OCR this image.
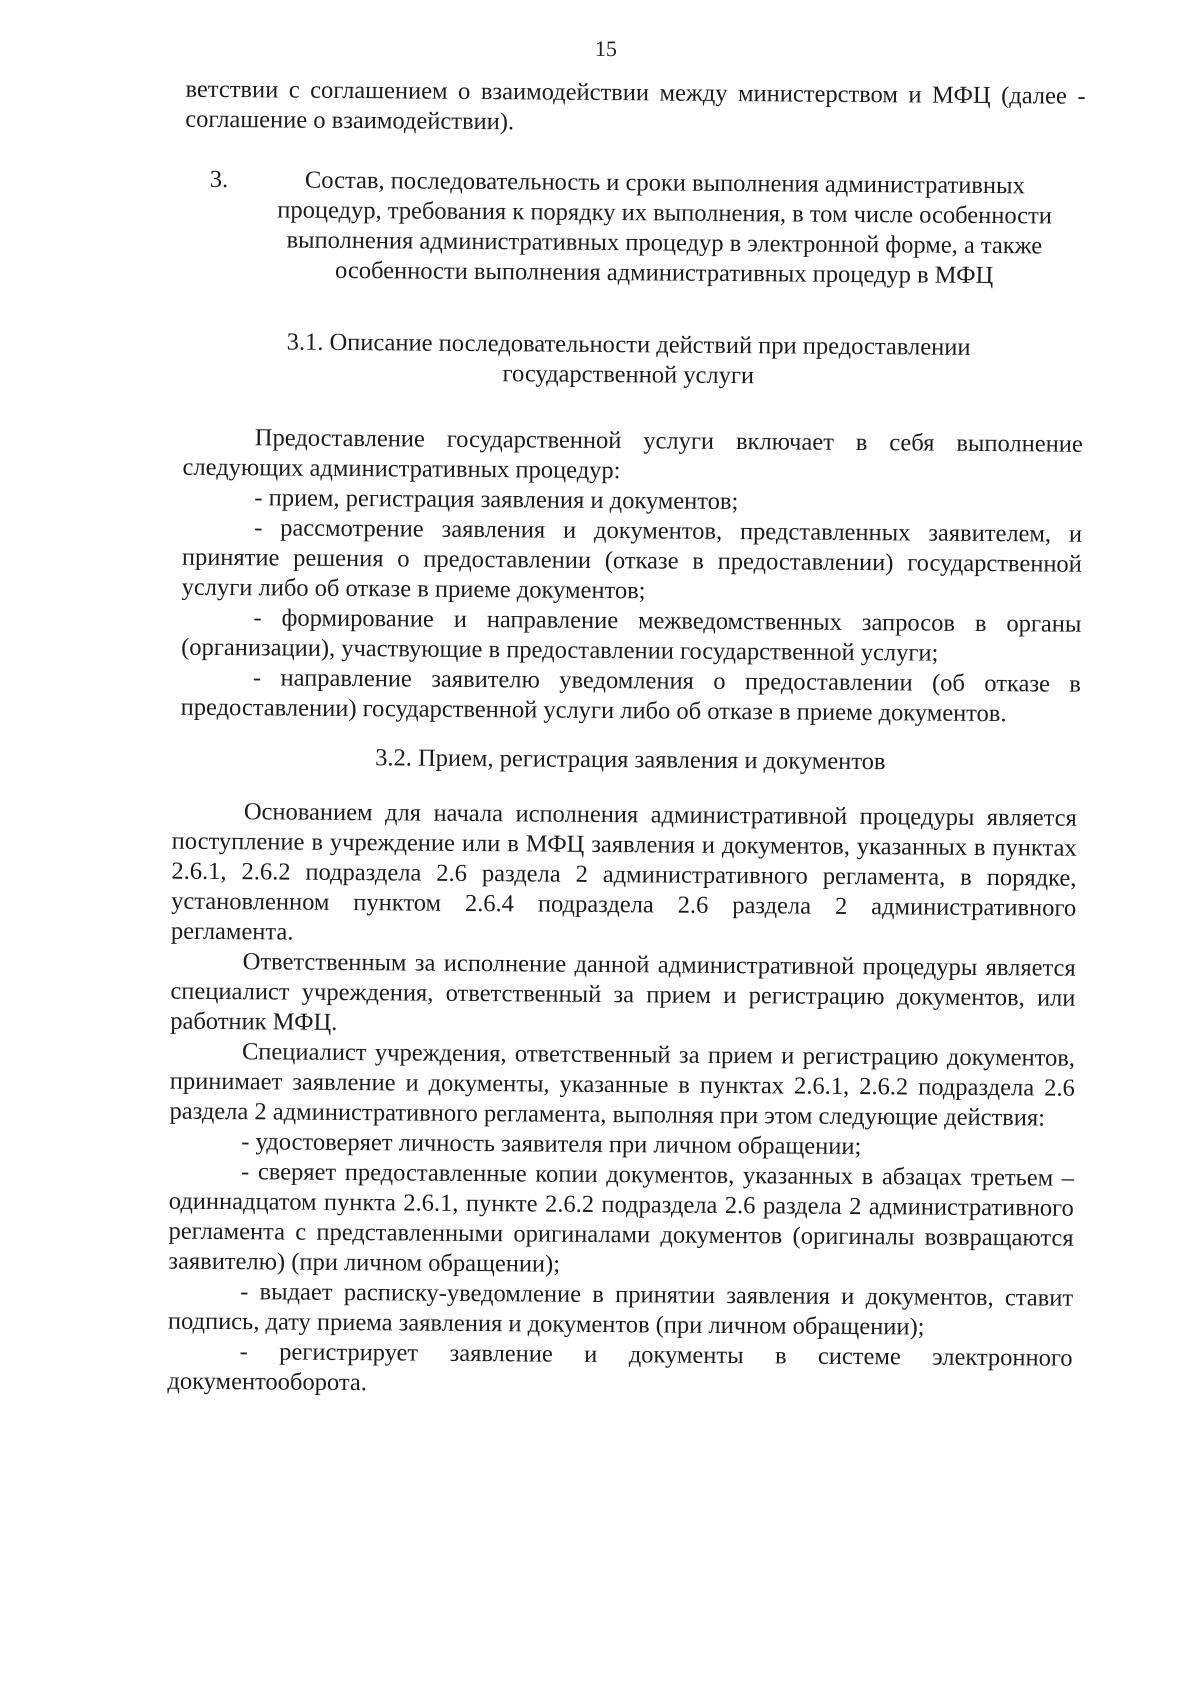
15

ветствии с соглашением о взаимодействии между министерством и МФЦ (далее - соглашение о взаимодействии).

3.	Состав, последовательность и сроки выполнения административных процедур, требования к порядку их выполнения, в том числе особенности выполнения административных процедур в электронной форме, а также особенности выполнения административных процедур в МФЦ
3.1. Описание последовательности действий при предоставлении государственной услуги

Предоставление государственной услуги включает в себя выполнение следующих административных процедур:

- прием, регистрация заявления и документов;

- рассмотрение заявления и документов, представленных заявителем, и принятие решения о предоставлении (отказе в предоставлении) государственной услуги либо об отказе в приеме документов;

- формирование и направление межведомственных запросов в органы (организации), участвующие в предоставлении государственной услуги;

- направление заявителю уведомления о предоставлении (об отказе в предоставлении) государственной услуги либо об отказе в приеме документов.

3.2. Прием, регистрация заявления и документов

Основанием для начала исполнения административной процедуры является поступление в учреждение или в МФЦ заявления и документов, указанных в пунктах 2.6.1, 2.6.2 подраздела 2.6 раздела 2 административного регламента, в порядке, установленном пунктом 2.6.4 подраздела 2.6 раздела 2 административного регламента.

Ответственным за исполнение данной административной процедуры является специалист учреждения, ответственный за прием и регистрацию документов, или работник МФЦ.

Специалист учреждения, ответственный за прием и регистрацию документов, принимает заявление и документы, указанные в пунктах 2.6.1, 2.6.2 подраздела 2.6 раздела 2 административного регламента, выполняя при этом следующие действия:

- удостоверяет личность заявителя при личном обращении;

- сверяет предоставленные копии документов, указанных в абзацах третьем – одиннадцатом пункта 2.6.1, пункте 2.6.2 подраздела 2.6 раздела 2 административного регламента с представленными оригиналами документов (оригиналы возвращаются заявителю) (при личном обращении);

- выдает расписку-уведомление в принятии заявления и документов, ставит подпись, дату приема заявления и документов (при личном обращении);

- регистрирует заявление и документы в системе электронного документооборота.
